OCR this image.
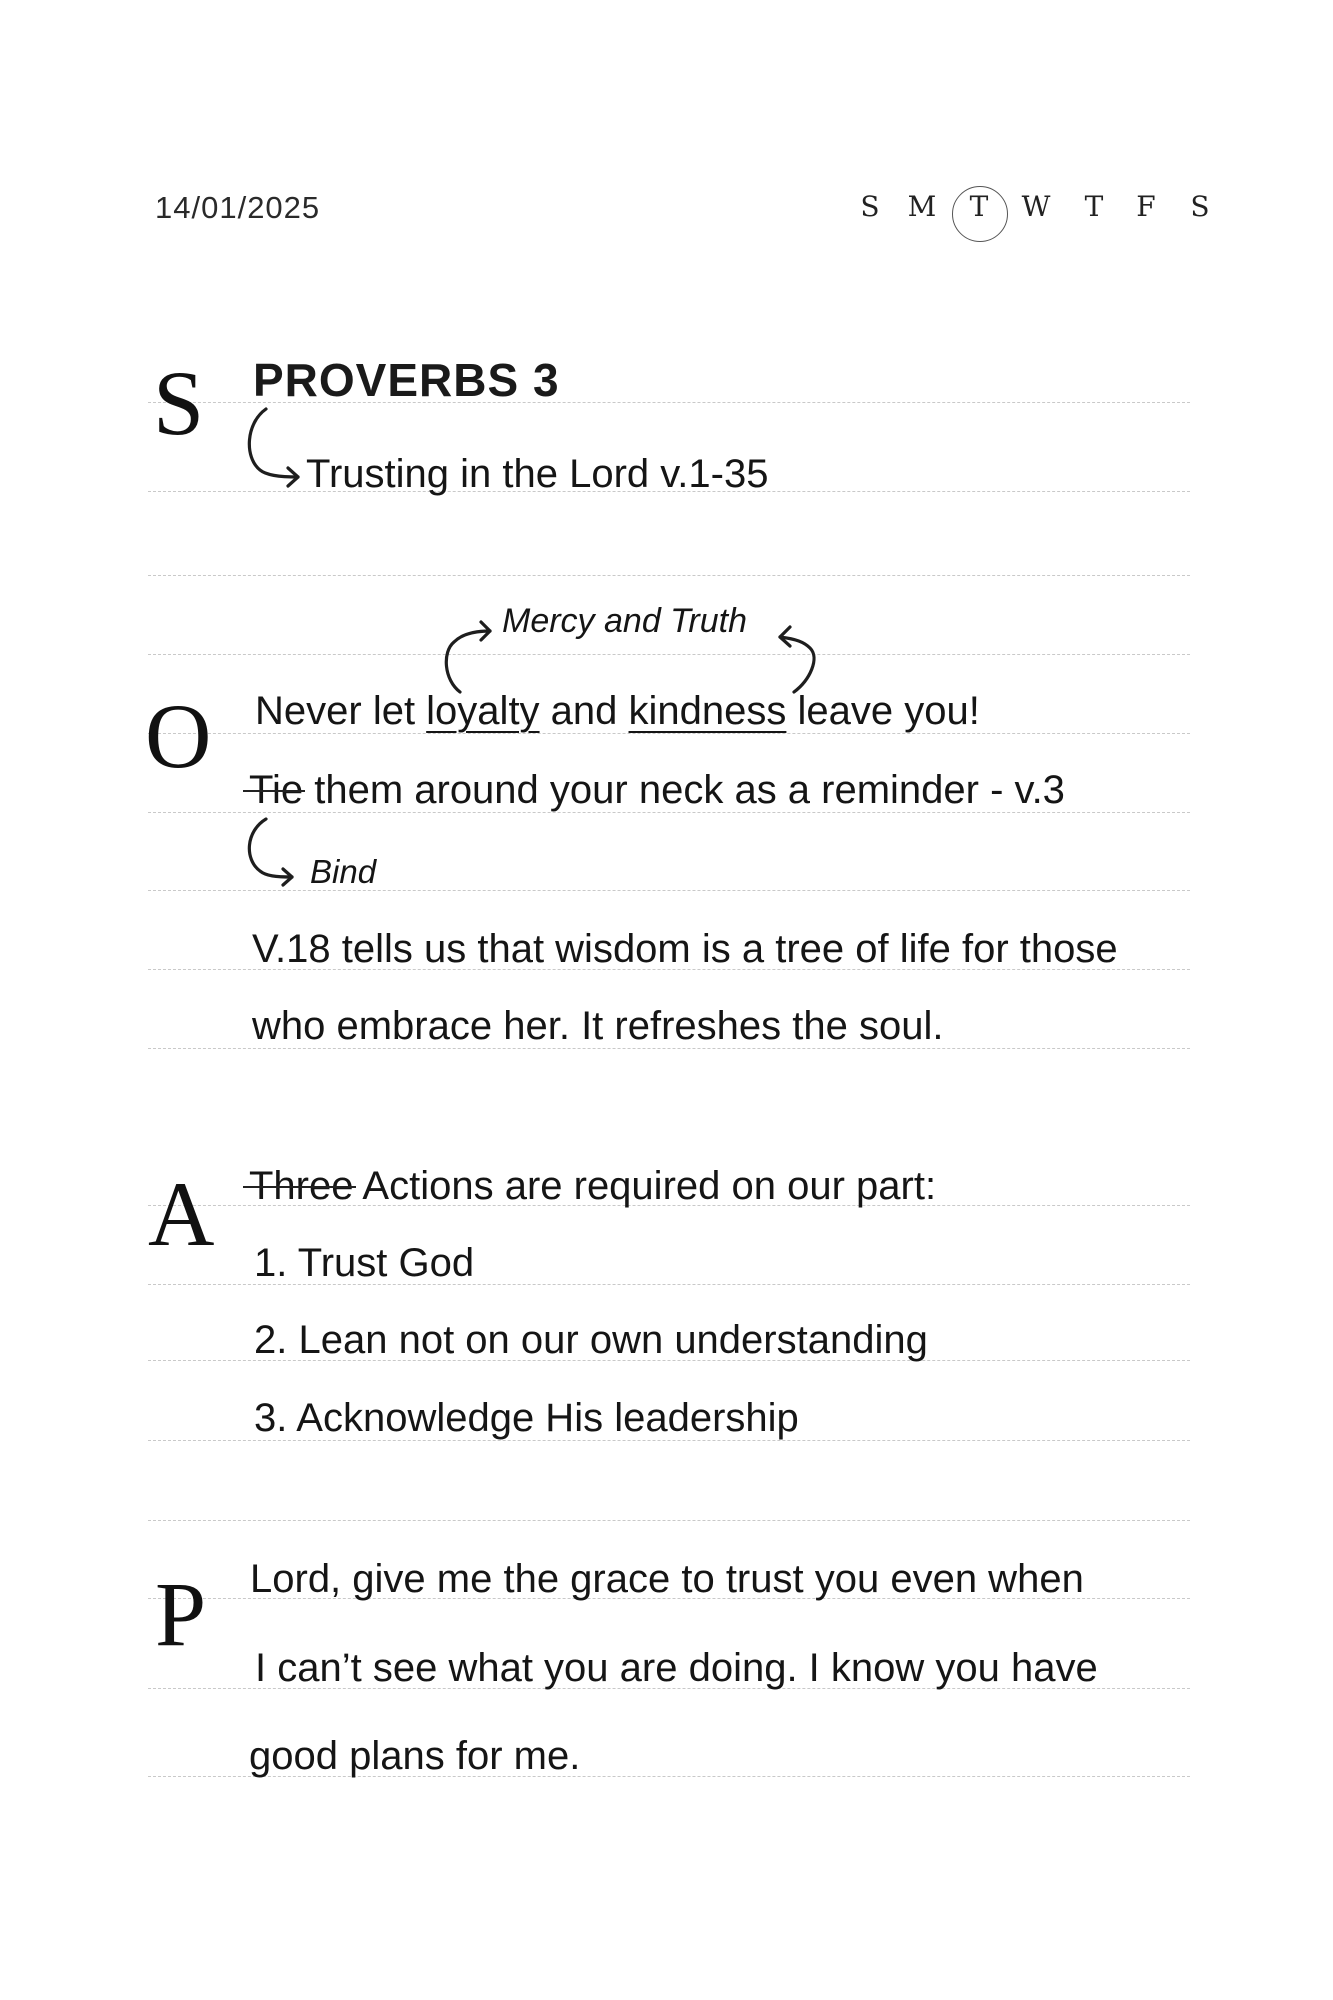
14/01/2025	S	M	T	W	T	F	S
S
O
A
P
PROVERBS 3
Trusting in the Lord v.1-35
Mercy and Truth
Never let loyalty and kindness leave you!
Tie them around your neck as a reminder - v.3
Bind
V.18 tells us that wisdom is a tree of life for those
who embrace her. It refreshes the soul.
Three Actions are required on our part:
1. Trust God
2. Lean not on our own understanding
3. Acknowledge His leadership
Lord, give me the grace to trust you even when
I can’t see what you are doing. I know you have
good plans for me.
